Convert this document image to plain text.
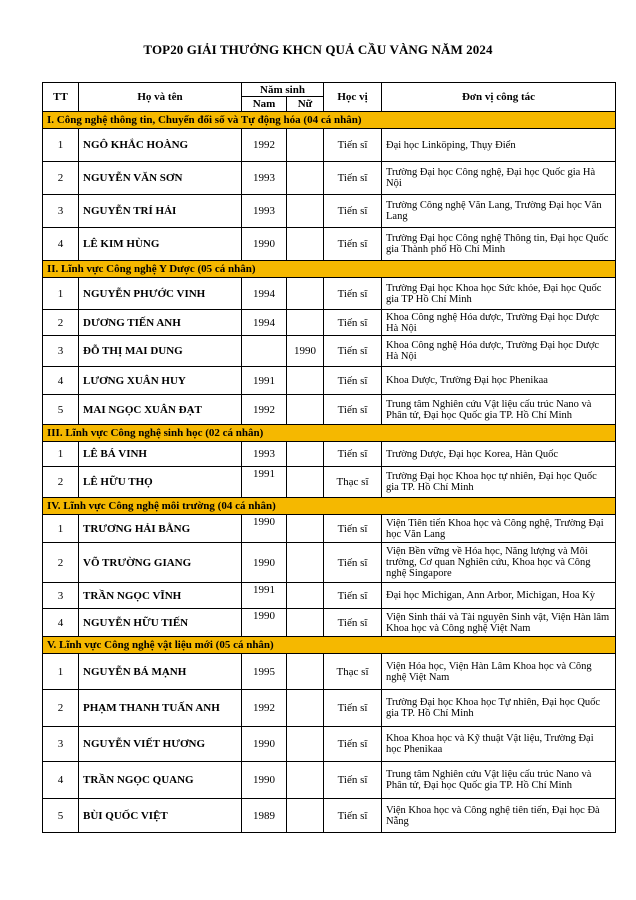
TOP20 GIẢI THƯỞNG KHCN QUẢ CẦU VÀNG NĂM 2024
TT	Họ và tên	Năm sinh		Học vị	Đơn vị công tác
		Nam	Nữ		
I. Công nghệ thông tin, Chuyển đổi số và Tự động hóa (04 cá nhân)					
1	NGÔ KHẮC HOÀNG	1992		Tiến sĩ	Đại học Linköping, Thụy Điển
2	NGUYỄN VĂN SƠN	1993		Tiến sĩ	Trường Đại học Công nghệ, Đại học Quốc gia Hà Nội
3	NGUYỄN TRÍ HẢI	1993		Tiến sĩ	Trường Công nghệ Văn Lang, Trường Đại học Văn Lang
4	LÊ KIM HÙNG	1990		Tiến sĩ	Trường Đại học Công nghệ Thông tin, Đại học Quốc gia Thành phố Hồ Chí Minh
II. Lĩnh vực Công nghệ Y Dược (05 cá nhân)					
1	NGUYỄN PHƯỚC VINH	1994		Tiến sĩ	Trường Đại học Khoa học Sức khỏe, Đại học Quốc gia TP Hồ Chí Minh
2	DƯƠNG TIẾN ANH	1994		Tiến sĩ	Khoa Công nghệ Hóa dược, Trường Đại học Dược Hà Nội
3	ĐỖ THỊ MAI DUNG		1990	Tiến sĩ	Khoa Công nghệ Hóa dược, Trường Đại học Dược Hà Nội
4	LƯƠNG XUÂN HUY	1991		Tiến sĩ	Khoa Dược, Trường Đại học Phenikaa
5	MAI NGỌC XUÂN ĐẠT	1992		Tiến sĩ	Trung tâm Nghiên cứu Vật liệu cấu trúc Nano và Phân tử, Đại học Quốc gia TP. Hồ Chí Minh
III. Lĩnh vực Công nghệ sinh học (02 cá nhân)					
1	LÊ BÁ VINH	1993		Tiến sĩ	Trường Dược, Đại học Korea, Hàn Quốc
2	LÊ HỮU THỌ	1991		Thạc sĩ	Trường Đại học Khoa học tự nhiên, Đại học Quốc gia TP. Hồ Chí Minh
IV. Lĩnh vực Công nghệ môi trường (04 cá nhân)					
1	TRƯƠNG HẢI BẰNG	1990		Tiến sĩ	Viện Tiên tiến Khoa học và Công nghệ, Trường Đại học Văn Lang
2	VÕ TRƯỜNG GIANG	1990		Tiến sĩ	Viện Bền vững về Hóa học, Năng lượng và Môi trường, Cơ quan Nghiên cứu, Khoa học và Công nghệ Singapore
3	TRẦN NGỌC VĨNH	1991		Tiến sĩ	Đại học Michigan, Ann Arbor, Michigan, Hoa Kỳ
4	NGUYỄN HỮU TIẾN	1990		Tiến sĩ	Viện Sinh thái và Tài nguyên Sinh vật, Viện Hàn lâm Khoa học và Công nghệ Việt Nam
V. Lĩnh vực Công nghệ vật liệu mới (05 cá nhân)					
1	NGUYỄN BÁ MẠNH	1995		Thạc sĩ	Viện Hóa học, Viện Hàn Lâm Khoa học và Công nghệ Việt Nam
2	PHẠM THANH TUẤN ANH	1992		Tiến sĩ	Trường Đại học Khoa học Tự nhiên, Đại học Quốc gia TP. Hồ Chí Minh
3	NGUYỄN VIẾT HƯƠNG	1990		Tiến sĩ	Khoa Khoa học và Kỹ thuật Vật liệu, Trường Đại học Phenikaa
4	TRẦN NGỌC QUANG	1990		Tiến sĩ	Trung tâm Nghiên cứu Vật liệu cấu trúc Nano và Phân tử, Đại học Quốc gia TP. Hồ Chí Minh
5	BÙI QUỐC VIỆT	1989		Tiến sĩ	Viện Khoa học và Công nghệ tiên tiến, Đại học Đà Nẵng
